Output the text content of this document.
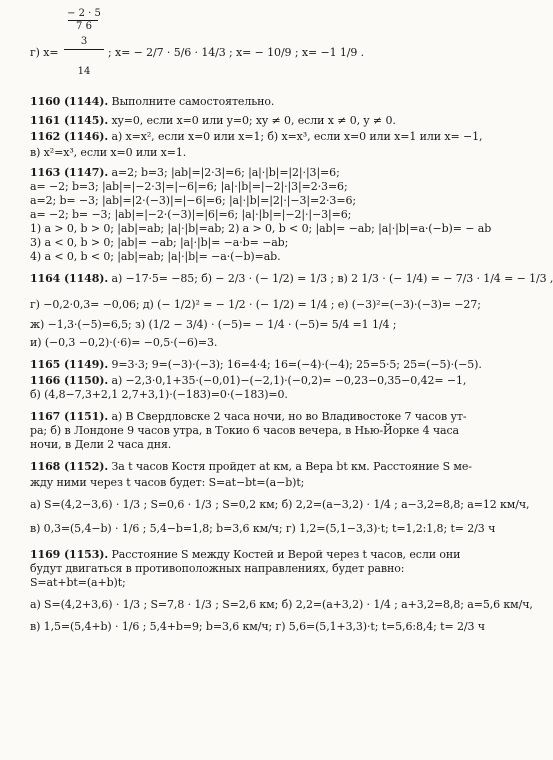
г) x=
− 2 · 5
7 6
3
14
; x= − 2/7 · 5/6 · 14/3 ; x= − 10/9 ; x= −1 1/9 .
1160 (1144). Выполните самостоятельно.
1161 (1145). xy=0, если x=0 или y=0; xy ≠ 0, если x ≠ 0, y ≠ 0.
1162 (1146). а) x=x², если x=0 или x=1; б) x=x³, если x=0 или x=1 или x= −1,
в) x²=x³, если x=0 или x=1.
1163 (1147). a=2; b=3; |ab|=|2·3|=6; |a|·|b|=|2|·|3|=6;
a= −2; b=3; |ab|=|−2·3|=|−6|=6; |a|·|b|=|−2|·|3|=2·3=6;
a=2; b= −3; |ab|=|2·(−3)|=|−6|=6; |a|·|b|=|2|·|−3|=2·3=6;
a= −2; b= −3; |ab|=|−2·(−3)|=|6|=6; |a|·|b|=|−2|·|−3|=6;
1) a > 0, b > 0; |ab|=ab; |a|·|b|=ab; 2) a > 0, b < 0; |ab|= −ab; |a|·|b|=a·(−b)= − ab
3) a < 0, b > 0; |ab|= −ab; |a|·|b|= −a·b= −ab;
4) a < 0, b < 0; |ab|=ab; |a|·|b|= −a·(−b)=ab.
1164 (1148). а) −17·5= −85; б) − 2/3 · (− 1/2) = 1/3 ; в) 2 1/3 · (− 1/4) = − 7/3 · 1/4 = − 1/3 ,
г) −0,2·0,3= −0,06; д) (− 1/2)² = − 1/2 · (− 1/2) = 1/4 ; е) (−3)²=(−3)·(−3)= −27;
ж) −1,3·(−5)=6,5; з) (1/2 − 3/4) · (−5)= − 1/4 · (−5)= 5/4 =1 1/4 ;
и) (−0,3 −0,2)·(·6)= −0,5·(−6)=3.
1165 (1149). 9=3·3; 9=(−3)·(−3); 16=4·4; 16=(−4)·(−4); 25=5·5; 25=(−5)·(−5).
1166 (1150). а) −2,3·0,1+35·(−0,01)−(−2,1)·(−0,2)= −0,23−0,35−0,42= −1,
б) (4,8−7,3+2,1 2,7+3,1)·(−183)=0·(−183)=0.
1167 (1151). а) В Свердловске 2 часа ночи, но во Владивостоке 7 часов ут-
ра; б) в Лондоне 9 часов утра, в Токио 6 часов вечера, в Нью-Йорке 4 часа
ночи, в Дели 2 часа дня.
1168 (1152). За t часов Костя пройдет at км, а Вера bt км. Расстояние S ме-
жду ними через t часов будет: S=at−bt=(a−b)t;
а) S=(4,2−3,6) · 1/3 ; S=0,6 · 1/3 ; S=0,2 км; б) 2,2=(a−3,2) · 1/4 ; a−3,2=8,8; a=12 км/ч,
в) 0,3=(5,4−b) · 1/6 ; 5,4−b=1,8; b=3,6 км/ч; г) 1,2=(5,1−3,3)·t; t=1,2:1,8; t= 2/3 ч
1169 (1153). Расстояние S между Костей и Верой через t часов, если они
будут двигаться в противоположных направлениях, будет равно:
S=at+bt=(a+b)t;
а) S=(4,2+3,6) · 1/3 ; S=7,8 · 1/3 ; S=2,6 км; б) 2,2=(a+3,2) · 1/4 ; a+3,2=8,8; a=5,6 км/ч,
в) 1,5=(5,4+b) · 1/6 ; 5,4+b=9; b=3,6 км/ч; г) 5,6=(5,1+3,3)·t; t=5,6:8,4; t= 2/3 ч
